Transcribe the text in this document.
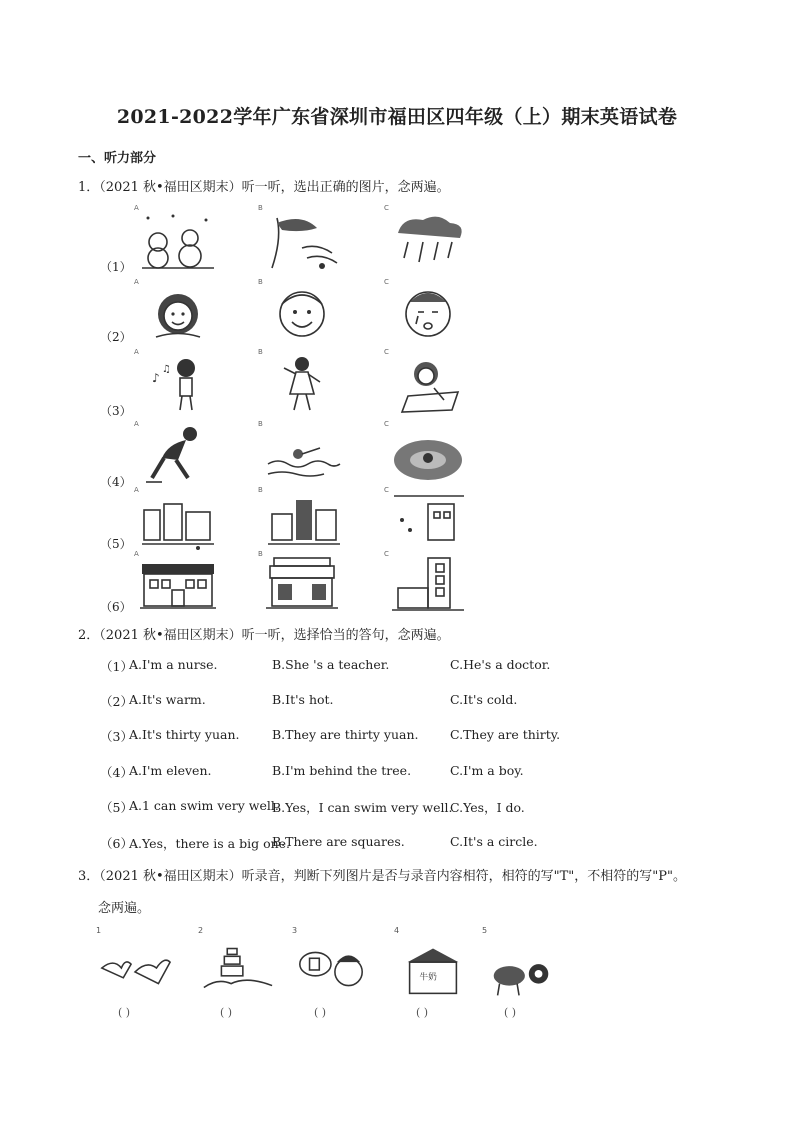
2021-2022学年广东省深圳市福田区四年级（上）期末英语试卷
一、听力部分
1．（2021 秋•福田区期末）听一听，选出正确的图片，念两遍。
（1）
A	B	C
（2）
A	B	C
（3）
A
♪
♫
B	C
（4）
A	B	C
（5）
A	B	C
（6）
A	B	C
2．（2021 秋•福田区期末）听一听，选择恰当的答句，念两遍。
（1）
A.I'm a nurse.	B.She 's a teacher.	C.He's a doctor.
（2）
A.It's warm.	B.It's hot.	C.It's cold.
（3）
A.It's thirty yuan.	B.They are thirty yuan.	C.They are thirty.
（4）
A.I'm eleven.	B.I'm behind the tree.	C.I'm a boy.
（5）
A.1 can swim very well.
B.Yes，I can swim very well.
C.Yes，I do.
（6）
A.Yes，there is a big one.
B.There are squares.	C.It's a circle.
3．（2021 秋•福田区期末）听录音，判断下列图片是否与录音内容相符，相符的写"T"，不相符的写"P"。
念两遍。
1
( )
2
( )
3
( )
4
牛奶
( )
5
( )
